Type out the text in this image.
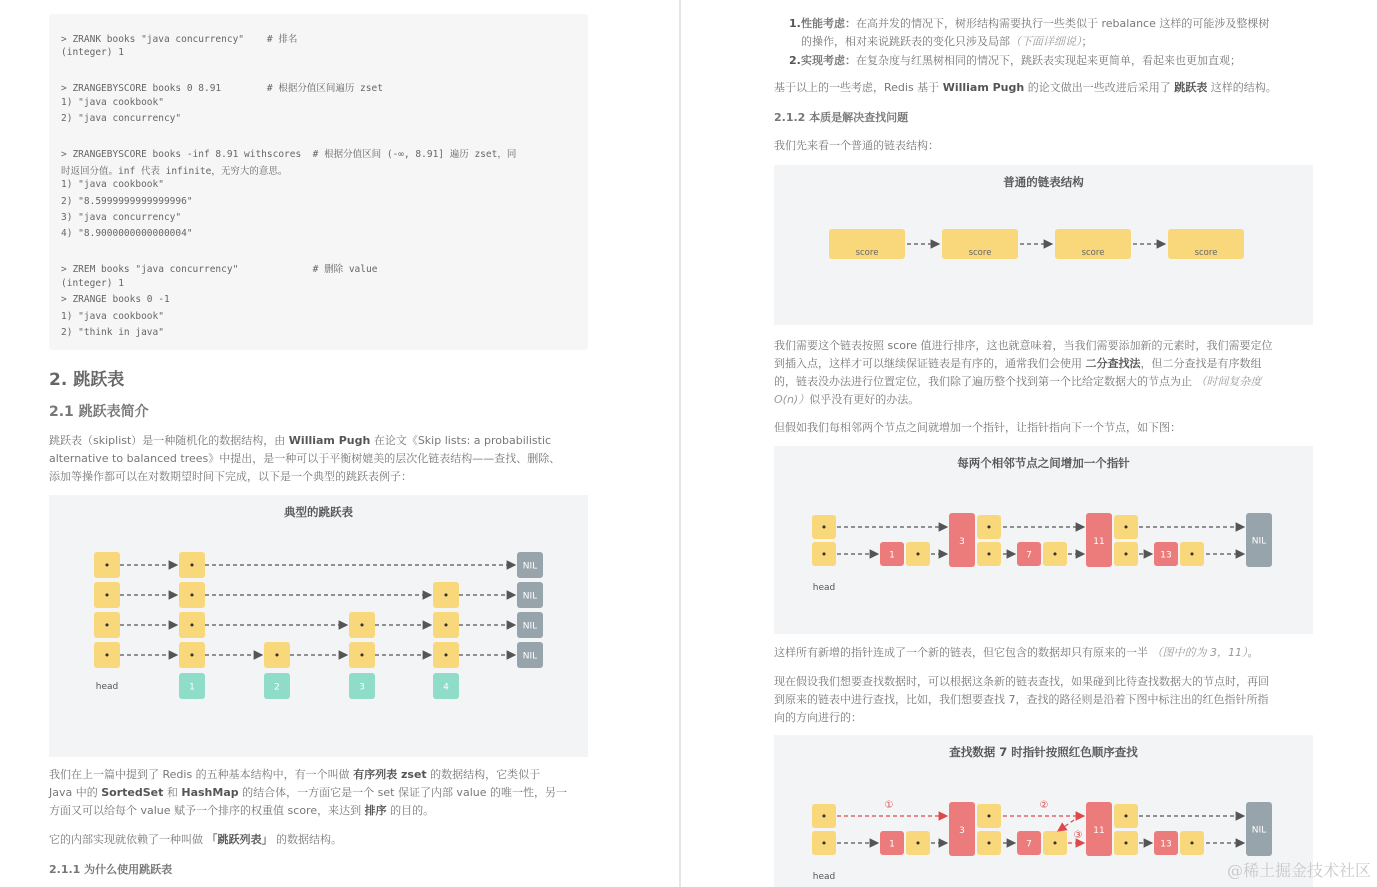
> ZRANK books "java concurrency"    # 排名
(integer) 1
> ZRANGEBYSCORE books 0 8.91        # 根据分值区间遍历 zset
1) "java cookbook"
2) "java concurrency"
> ZRANGEBYSCORE books -inf 8.91 withscores  # 根据分值区间 (-∞, 8.91] 遍历 zset，同
时返回分值。inf 代表 infinite，无穷大的意思。
1) "java cookbook"
2) "8.5999999999999996"
3) "java concurrency"
4) "8.9000000000000004"
> ZREM books "java concurrency"             # 删除 value
(integer) 1
> ZRANGE books 0 -1
1) "java cookbook"
2) "think in java"
2. 跳跃表
2.1 跳跃表简介
跳跃表（skiplist）是一种随机化的数据结构，由 William Pugh 在论文《Skip lists: a probabilistic
alternative to balanced trees》中提出，是一种可以于平衡树媲美的层次化链表结构——查找、删除、
添加等操作都可以在对数期望时间下完成，以下是一个典型的跳跃表例子：
典型的跳跃表
•	•	NIL
•	•	•	NIL
•	•	•	•	NIL
•	•	•	•	•	NIL
head	1	2	3	4
我们在上一篇中提到了 Redis 的五种基本结构中，有一个叫做 有序列表 zset 的数据结构，它类似于
Java 中的 SortedSet 和 HashMap 的结合体，一方面它是一个 set 保证了内部 value 的唯一性，另一
方面又可以给每个 value 赋予一个排序的权重值 score，来达到 排序 的目的。
它的内部实现就依赖了一种叫做 「跳跃列表」 的数据结构。
2.1.1 为什么使用跳跃表
1. 性能考虑：在高并发的情况下，树形结构需要执行一些类似于 rebalance 这样的可能涉及整棵树
的操作，相对来说跳跃表的变化只涉及局部（下面详细说）；
2. 实现考虑：在复杂度与红黑树相同的情况下，跳跃表实现起来更简单，看起来也更加直观；
基于以上的一些考虑，Redis 基于 William Pugh 的论文做出一些改进后采用了 跳跃表 这样的结构。
2.1.2 本质是解决查找问题
我们先来看一个普通的链表结构：
普通的链表结构
score	score	score	score
我们需要这个链表按照 score 值进行排序，这也就意味着，当我们需要添加新的元素时，我们需要定位
到插入点，这样才可以继续保证链表是有序的，通常我们会使用 二分查找法，但二分查找是有序数组
的，链表没办法进行位置定位，我们除了遍历整个找到第一个比给定数据大的节点为止 （时间复杂度
O(n)）似乎没有更好的办法。
但假如我们每相邻两个节点之间就增加一个指针，让指针指向下一个节点，如下图：
每两个相邻节点之间增加一个指针
•
•
head
1 •
3
•
•	7 •
11
•
•	13 •
NIL
这样所有新增的指针连成了一个新的链表，但它包含的数据却只有原来的一半 （图中的为 3，11）。
现在假设我们想要查找数据时，可以根据这条新的链表查找，如果碰到比待查找数据大的节点时，再回
到原来的链表中进行查找，比如，我们想要查找 7，查找的路径则是沿着下图中标注出的红色指针所指
向的方向进行的：
查找数据 7 时指针按照红色顺序查找
•
•
head
1 •
3
•
•	7 •
11
•
•	13 •
NIL
①	②
③
@稀土掘金技术社区
